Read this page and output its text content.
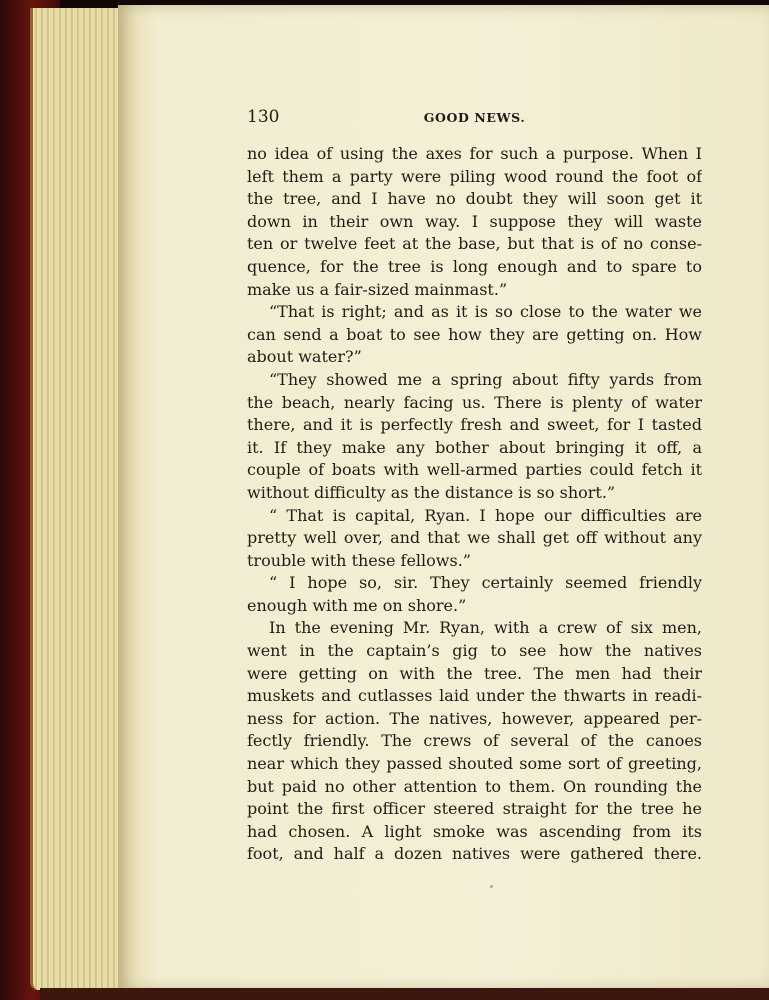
130	GOOD NEWS.
no idea of using the axes for such a purpose. When I
left them a party were piling wood round the foot of
the tree, and I have no doubt they will soon get it
down in their own way. I suppose they will waste
ten or twelve feet at the base, but that is of no conse-
quence, for the tree is long enough and to spare to
make us a fair-sized mainmast.”
“That is right; and as it is so close to the water we
can send a boat to see how they are getting on. How
about water?”
“They showed me a spring about fifty yards from
the beach, nearly facing us. There is plenty of water
there, and it is perfectly fresh and sweet, for I tasted
it. If they make any bother about bringing it off, a
couple of boats with well-armed parties could fetch it
without difficulty as the distance is so short.”
“ That is capital, Ryan. I hope our difficulties are
pretty well over, and that we shall get off without any
trouble with these fellows.”
“ I hope so, sir. They certainly seemed friendly
enough with me on shore.”
In the evening Mr. Ryan, with a crew of six men,
went in the captain’s gig to see how the natives
were getting on with the tree. The men had their
muskets and cutlasses laid under the thwarts in readi-
ness for action. The natives, however, appeared per-
fectly friendly. The crews of several of the canoes
near which they passed shouted some sort of greeting,
but paid no other attention to them. On rounding the
point the first officer steered straight for the tree he
had chosen. A light smoke was ascending from its
foot, and half a dozen natives were gathered there.
